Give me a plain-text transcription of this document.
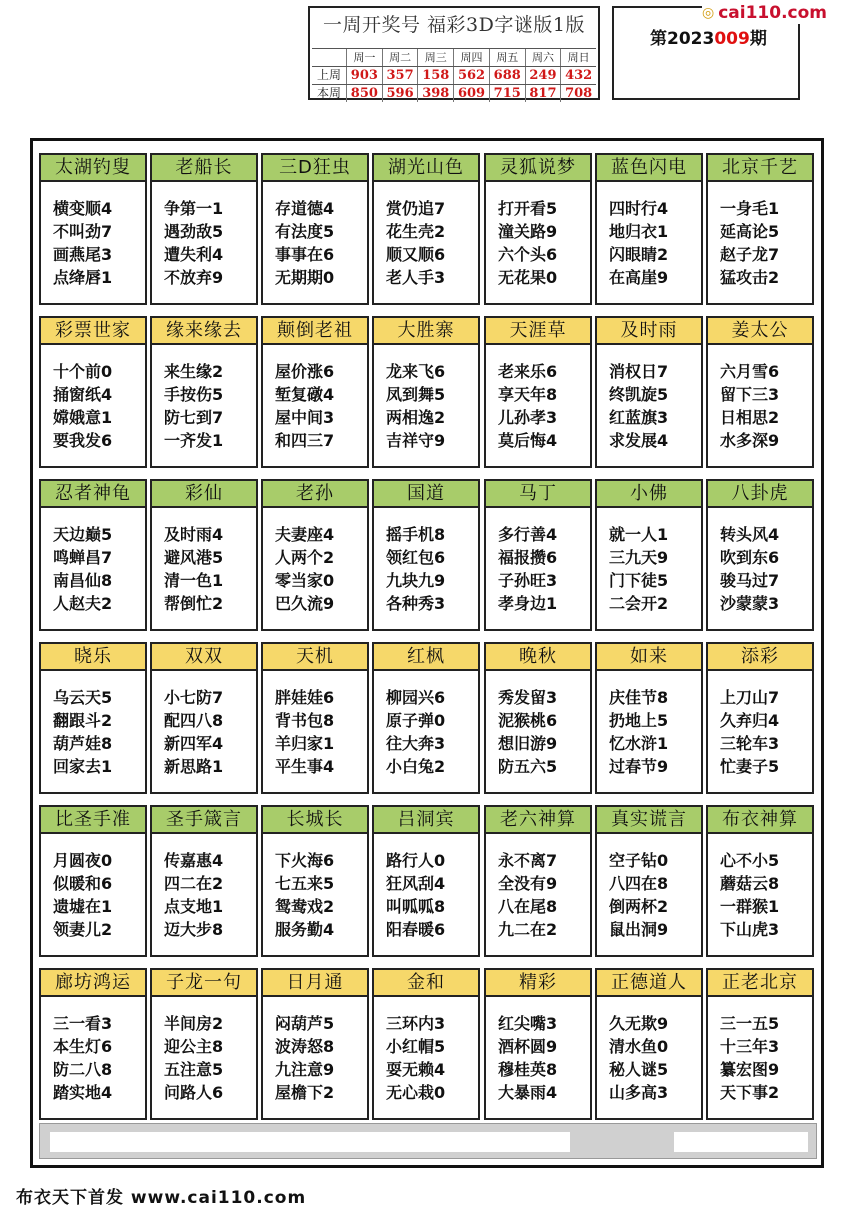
一周开奖号 福彩3D字谜版1版
周一	周二	周三	周四	周五	周六	周日
上周 903 357 158 562 688 249 432
本周 850 596 398 609 715 817 708
第2023009期
◎ cai110.com
太湖钓叟
横变顺4
不叫劲7
画燕尾3
点绛唇1
老船长
争第一1
遇劲敌5
遭失利4
不放弃9
三D狂虫
存道德4
有法度5
事事在6
无期期0
湖光山色
赏仍追7
花生壳2
顺又顺6
老人手3
灵狐说梦
打开看5
潼关路9
六个头6
无花果0
蓝色闪电
四时行4
地归衣1
闪眼睛2
在高崖9
北京千艺
一身毛1
延高论5
赵子龙7
猛攻击2
彩票世家
十个前0
捅窗纸4
嫦娥意1
要我发6
缘来缘去
来生缘2
手按伤5
防七到7
一齐发1
颠倒老祖
屋价涨6
堑复礅4
屋中间3
和四三7
大胜寨
龙来飞6
凤到舞5
两相逸2
吉祥守9
天涯草
老来乐6
享天年8
儿孙孝3
莫后悔4
及时雨
消权日7
终凯旋5
红蓝旗3
求发展4
姜太公
六月雪6
留下三3
日相思2
水多深9
忍者神龟
天边巅5
鸣蝉昌7
南昌仙8
人赵夫2
彩仙
及时雨4
避风港5
清一色1
帮倒忙2
老孙
夫妻座4
人两个2
零当家0
巴久流9
国道
摇手机8
领红包6
九块九9
各种秀3
马丁
多行善4
福报攒6
子孙旺3
孝身边1
小佛
就一人1
三九天9
门下徒5
二会开2
八卦虎
转头风4
吹到东6
骏马过7
沙蒙蒙3
晓乐
乌云天5
翻跟斗2
葫芦娃8
回家去1
双双
小七防7
配四八8
新四军4
新思路1
天机
胖娃娃6
背书包8
羊归家1
平生事4
红枫
柳园兴6
原子弹0
往大奔3
小白兔2
晚秋
秀发留3
泥猴桃6
想旧游9
防五六5
如来
庆佳节8
扔地上5
忆水浒1
过春节9
添彩
上刀山7
久弃归4
三轮车3
忙妻子5
比圣手准
月圆夜0
似暖和6
遗墟在1
领妻儿2
圣手箴言
传嘉惠4
四二在2
点支地1
迈大步8
长城长
下火海6
七五来5
鸳鸯戏2
服务勤4
吕洞宾
路行人0
狂风刮4
叫呱呱8
阳春暖6
老六神算
永不离7
全没有9
八在尾8
九二在2
真实谎言
空子钻0
八四在8
倒两杯2
鼠出洞9
布衣神算
心不小5
蘑菇云8
一群猴1
下山虎3
廊坊鸿运
三一看3
本生灯6
防二八8
踏实地4
子龙一句
半间房2
迎公主8
五注意5
问路人6
日月通
闷葫芦5
波涛怒8
九注意9
屋檐下2
金和
三环内3
小红帽5
耍无赖4
无心栽0
精彩
红尖嘴3
酒杯圆9
穆桂英8
大暴雨4
正德道人
久无欺9
清水鱼0
秘人谜5
山多高3
正老北京
三一五5
十三年3
纂宏图9
天下事2
布衣天下首发 www.cai110.com
